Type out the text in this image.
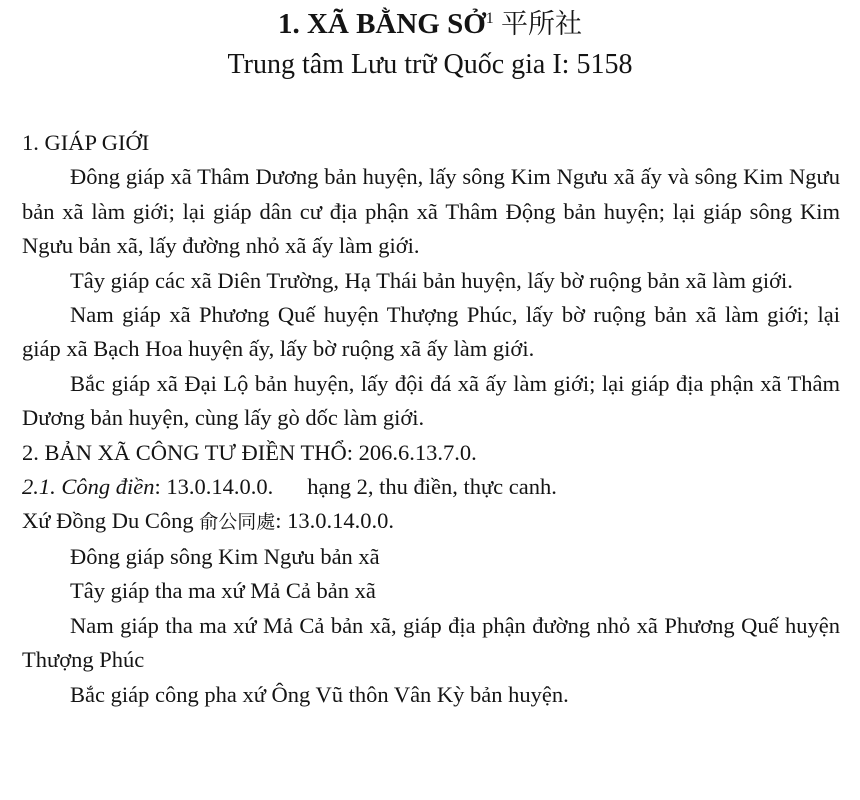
1. XÃ BẰNG SỞ$^1$ 平所社
Trung tâm Lưu trữ Quốc gia I: 5158

1. GIÁP GIỚI

Đông giáp xã Thâm Dương bản huyện, lấy sông Kim Ngưu xã ấy và sông Kim Ngưu bản xã làm giới; lại giáp dân cư địa phận xã Thâm Động bản huyện; lại giáp sông Kim Ngưu bản xã, lấy đường nhỏ xã ấy làm giới.

Tây giáp các xã Diên Trường, Hạ Thái bản huyện, lấy bờ ruộng bản xã làm giới.

Nam giáp xã Phương Quế huyện Thượng Phúc, lấy bờ ruộng bản xã làm giới; lại giáp xã Bạch Hoa huyện ấy, lấy bờ ruộng xã ấy làm giới.

Bắc giáp xã Đại Lộ bản huyện, lấy đội đá xã ấy làm giới; lại giáp địa phận xã Thâm Dương bản huyện, cùng lấy gò dốc làm giới.

2. BẢN XÃ CÔNG TƯ ĐIỀN THỔ: 206.6.13.7.0.

2.1. Công điền: 13.0.14.0.0. hạng 2, thu điền, thực canh.

Xứ Đồng Du Công 俞公同處: 13.0.14.0.0.

Đông giáp sông Kim Ngưu bản xã

Tây giáp tha ma xứ Mả Cả bản xã

Nam giáp tha ma xứ Mả Cả bản xã, giáp địa phận đường nhỏ xã Phương Quế huyện Thượng Phúc

Bắc giáp công pha xứ Ông Vũ thôn Vân Kỳ bản huyện.
